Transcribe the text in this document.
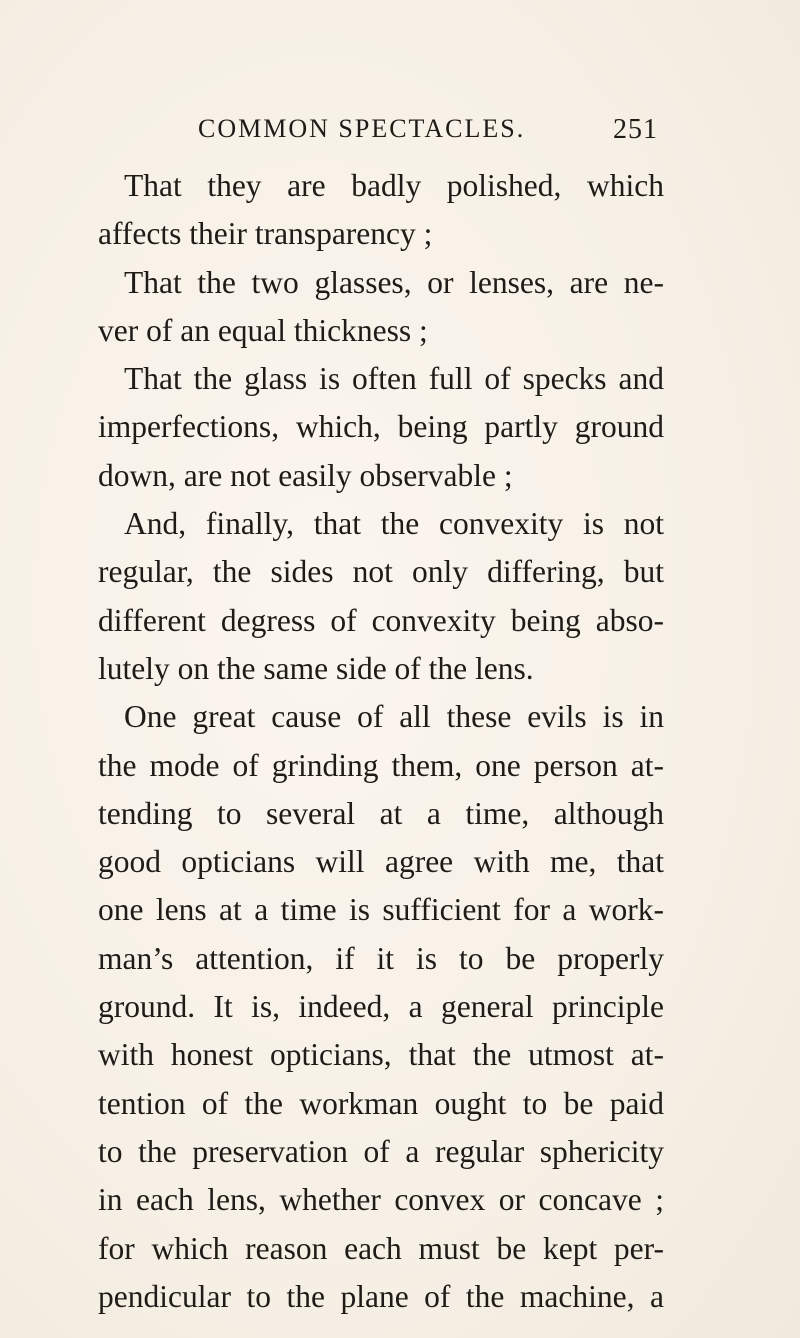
COMMON SPECTACLES.	251
That they are badly polished, which
affects their transparency ;
That the two glasses, or lenses, are ne-
ver of an equal thickness ;
That the glass is often full of specks and
imperfections, which, being partly ground
down, are not easily observable ;
And, finally, that the convexity is not
regular, the sides not only differing, but
different degress of convexity being abso-
lutely on the same side of the lens.
One great cause of all these evils is in
the mode of grinding them, one person at-
tending to several at a time, although
good opticians will agree with me, that
one lens at a time is sufficient for a work-
man’s attention, if it is to be properly
ground. It is, indeed, a general principle
with honest opticians, that the utmost at-
tention of the workman ought to be paid
to the preservation of a regular sphericity
in each lens, whether convex or concave ;
for which reason each must be kept per-
pendicular to the plane of the machine, a
